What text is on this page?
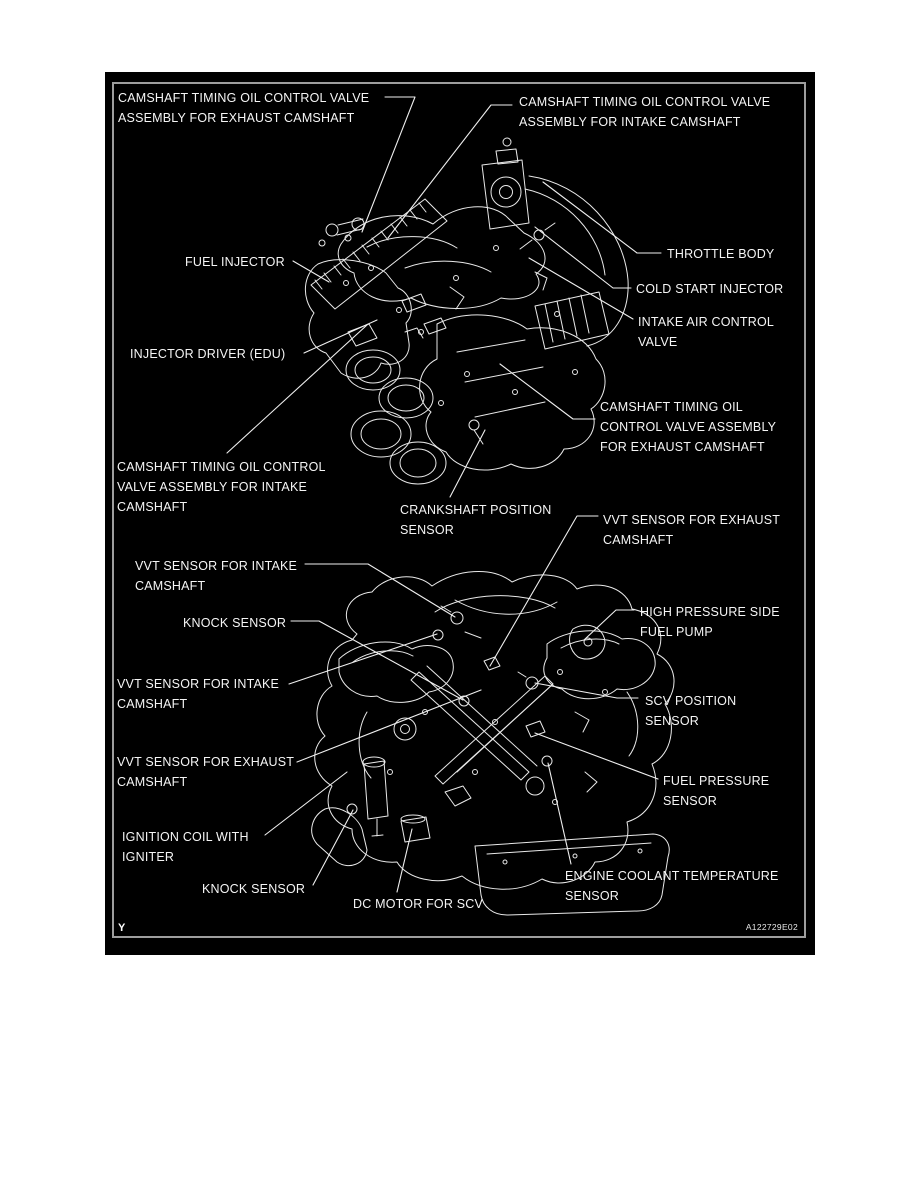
CAMSHAFT TIMING OIL CONTROL VALVE
ASSEMBLY FOR EXHAUST CAMSHAFT
CAMSHAFT TIMING OIL CONTROL VALVE
ASSEMBLY FOR INTAKE CAMSHAFT
FUEL INJECTOR
THROTTLE BODY
COLD START INJECTOR
INTAKE AIR CONTROL
VALVE
INJECTOR DRIVER (EDU)
CAMSHAFT TIMING OIL
CONTROL VALVE ASSEMBLY
FOR EXHAUST CAMSHAFT
CAMSHAFT TIMING OIL CONTROL
VALVE ASSEMBLY FOR INTAKE
CAMSHAFT	CRANKSHAFT POSITION
SENSOR
VVT SENSOR FOR EXHAUST
CAMSHAFT
VVT SENSOR FOR INTAKE
CAMSHAFT
KNOCK SENSOR
HIGH PRESSURE SIDE
FUEL PUMP
VVT SENSOR FOR INTAKE
CAMSHAFT	SCV POSITION
SENSOR
VVT SENSOR FOR EXHAUST
CAMSHAFT	FUEL PRESSURE
SENSOR
IGNITION COIL WITH
IGNITER
KNOCK SENSOR
DC MOTOR FOR SCV
ENGINE COOLANT TEMPERATURE
SENSOR
Y	A122729E02
